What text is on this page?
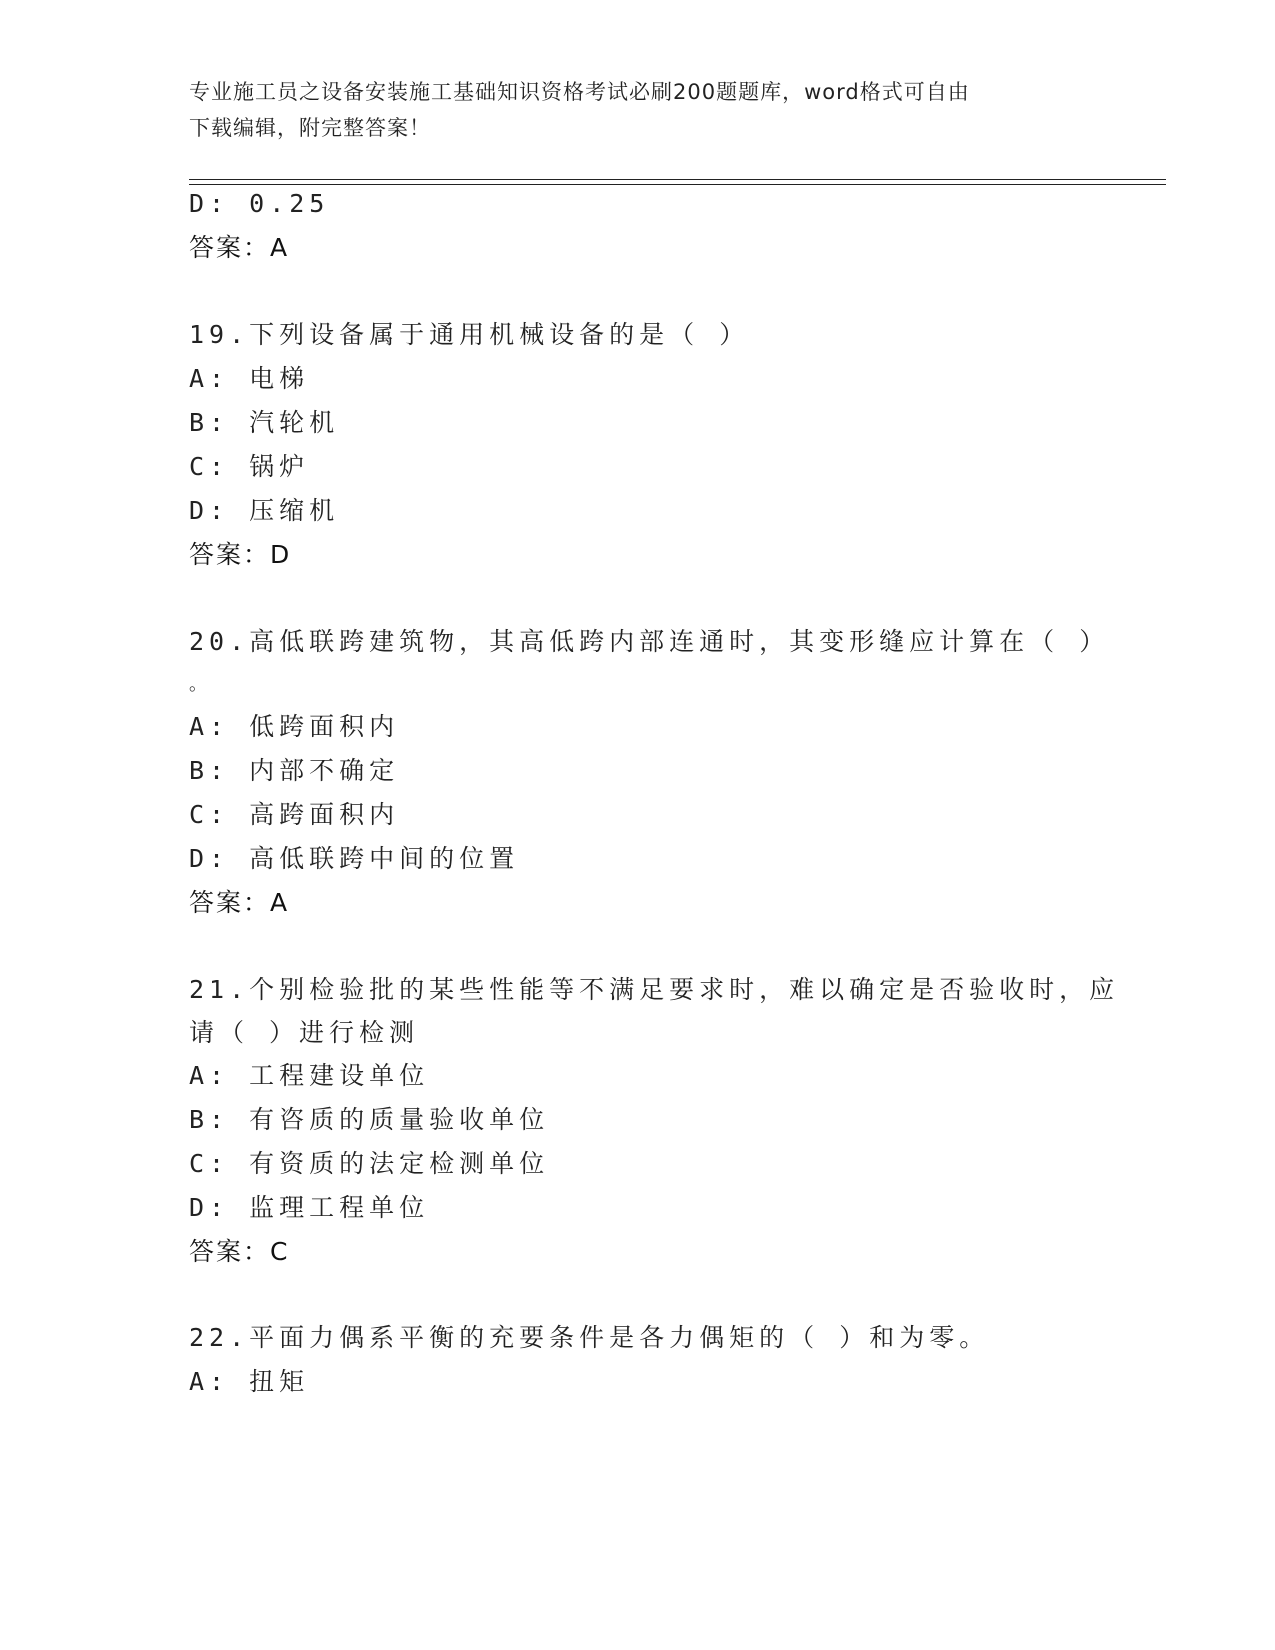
专业施工员之设备安装施工基础知识资格考试必刷200题题库，word格式可自由
下载编辑，附完整答案！
D: 0.25
答案：A
19.下列设备属于通用机械设备的是（ ）
A: 电梯
B: 汽轮机
C: 锅炉
D: 压缩机
答案：D
20.高低联跨建筑物，其高低跨内部连通时，其变形缝应计算在（ ）
。
A: 低跨面积内
B: 内部不确定
C: 高跨面积内
D: 高低联跨中间的位置
答案：A
21.个别检验批的某些性能等不满足要求时，难以确定是否验收时，应
请（ ）进行检测
A: 工程建设单位
B: 有咨质的质量验收单位
C: 有资质的法定检测单位
D: 监理工程单位
答案：C
22.平面力偶系平衡的充要条件是各力偶矩的（ ）和为零。
A: 扭矩
